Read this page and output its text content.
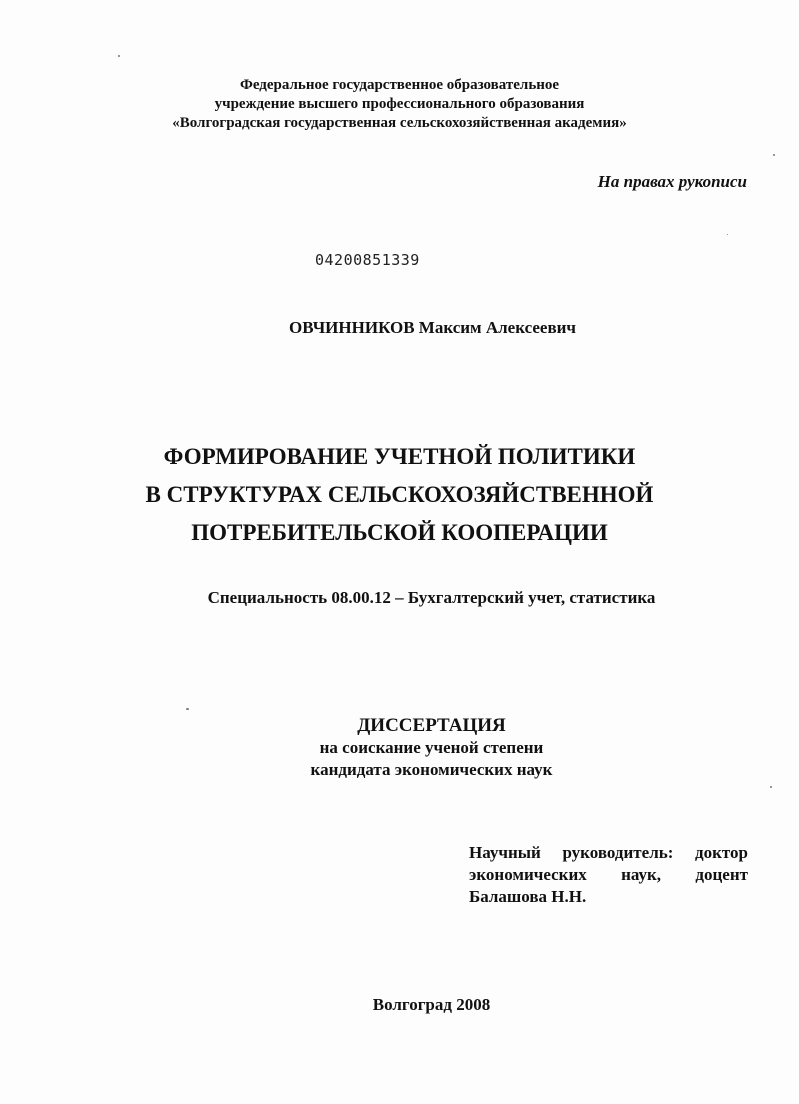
Федеральное государственное образовательное
учреждение высшего профессионального образования
«Волгоградская государственная сельскохозяйственная академия»
На правах рукописи
04200851339
ОВЧИННИКОВ Максим Алексеевич
ФОРМИРОВАНИЕ УЧЕТНОЙ ПОЛИТИКИ
В СТРУКТУРАХ СЕЛЬСКОХОЗЯЙСТВЕННОЙ
ПОТРЕБИТЕЛЬСКОЙ КООПЕРАЦИИ
Специальность 08.00.12 – Бухгалтерский учет, статистика
ДИССЕРТАЦИЯ
на соискание ученой степени
кандидата экономических наук
Научный руководитель: доктор
экономических наук, доцент
Балашова Н.Н.
Волгоград 2008
